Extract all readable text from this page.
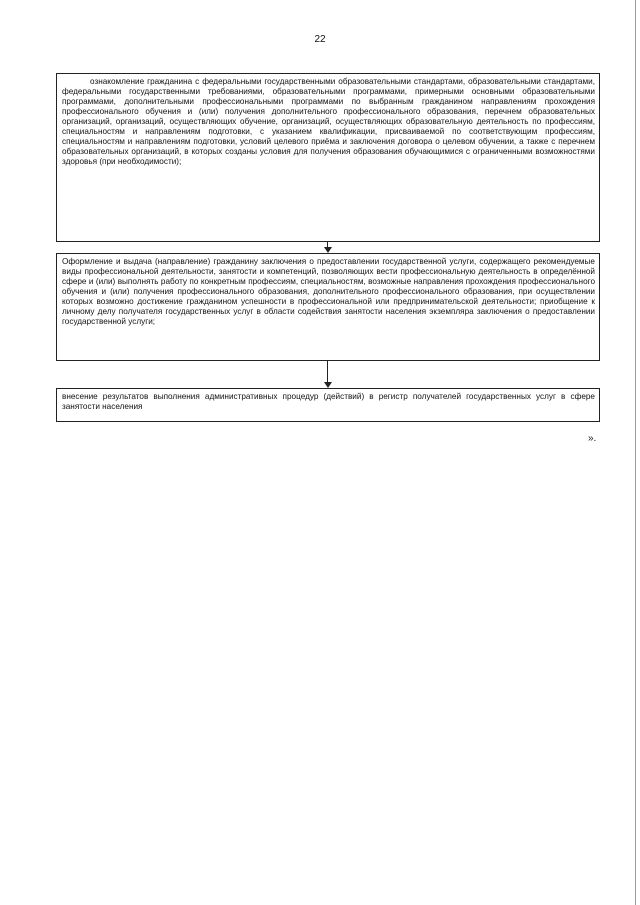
22

ознакомление гражданина с федеральными государственными образовательными стандартами, образовательными стандартами, федеральными государственными требованиями, образовательными программами, примерными основными образовательными программами, дополнительными профессиональными программами по выбранным гражданином направлениям прохождения профессионального обучения и (или) получения дополнительного профессионального образования, перечнем образовательных организаций, организаций, осуществляющих обучение, организаций, осуществляющих образовательную деятельность по профессиям, специальностям и направлениям подготовки, с указанием квалификации, присваиваемой по соответствующим профессиям, специальностям и направлениям подготовки, условий целевого приёма и заключения договора о целевом обучении, а также с перечнем образовательных организаций, в которых созданы условия для получения образования обучающимися с ограниченными возможностями здоровья (при необходимости);

Оформление и выдача (направление) гражданину заключения о предоставлении государственной услуги, содержащего рекомендуемые виды профессиональной деятельности, занятости и компетенций, позволяющих вести профессиональную деятельность в определённой сфере и (или) выполнять работу по конкретным профессиям, специальностям, возможные направления прохождения профессионального обучения и (или) получения профессионального образования, дополнительного профессионального образования, при осуществлении которых возможно достижение гражданином успешности в профессиональной или предпринимательской деятельности; приобщение к личному делу получателя государственных услуг в области содействия занятости населения экземпляра заключения о предоставлении государственной услуги;

внесение результатов выполнения административных процедур (действий) в регистр получателей государственных услуг в сфере занятости населения

».
